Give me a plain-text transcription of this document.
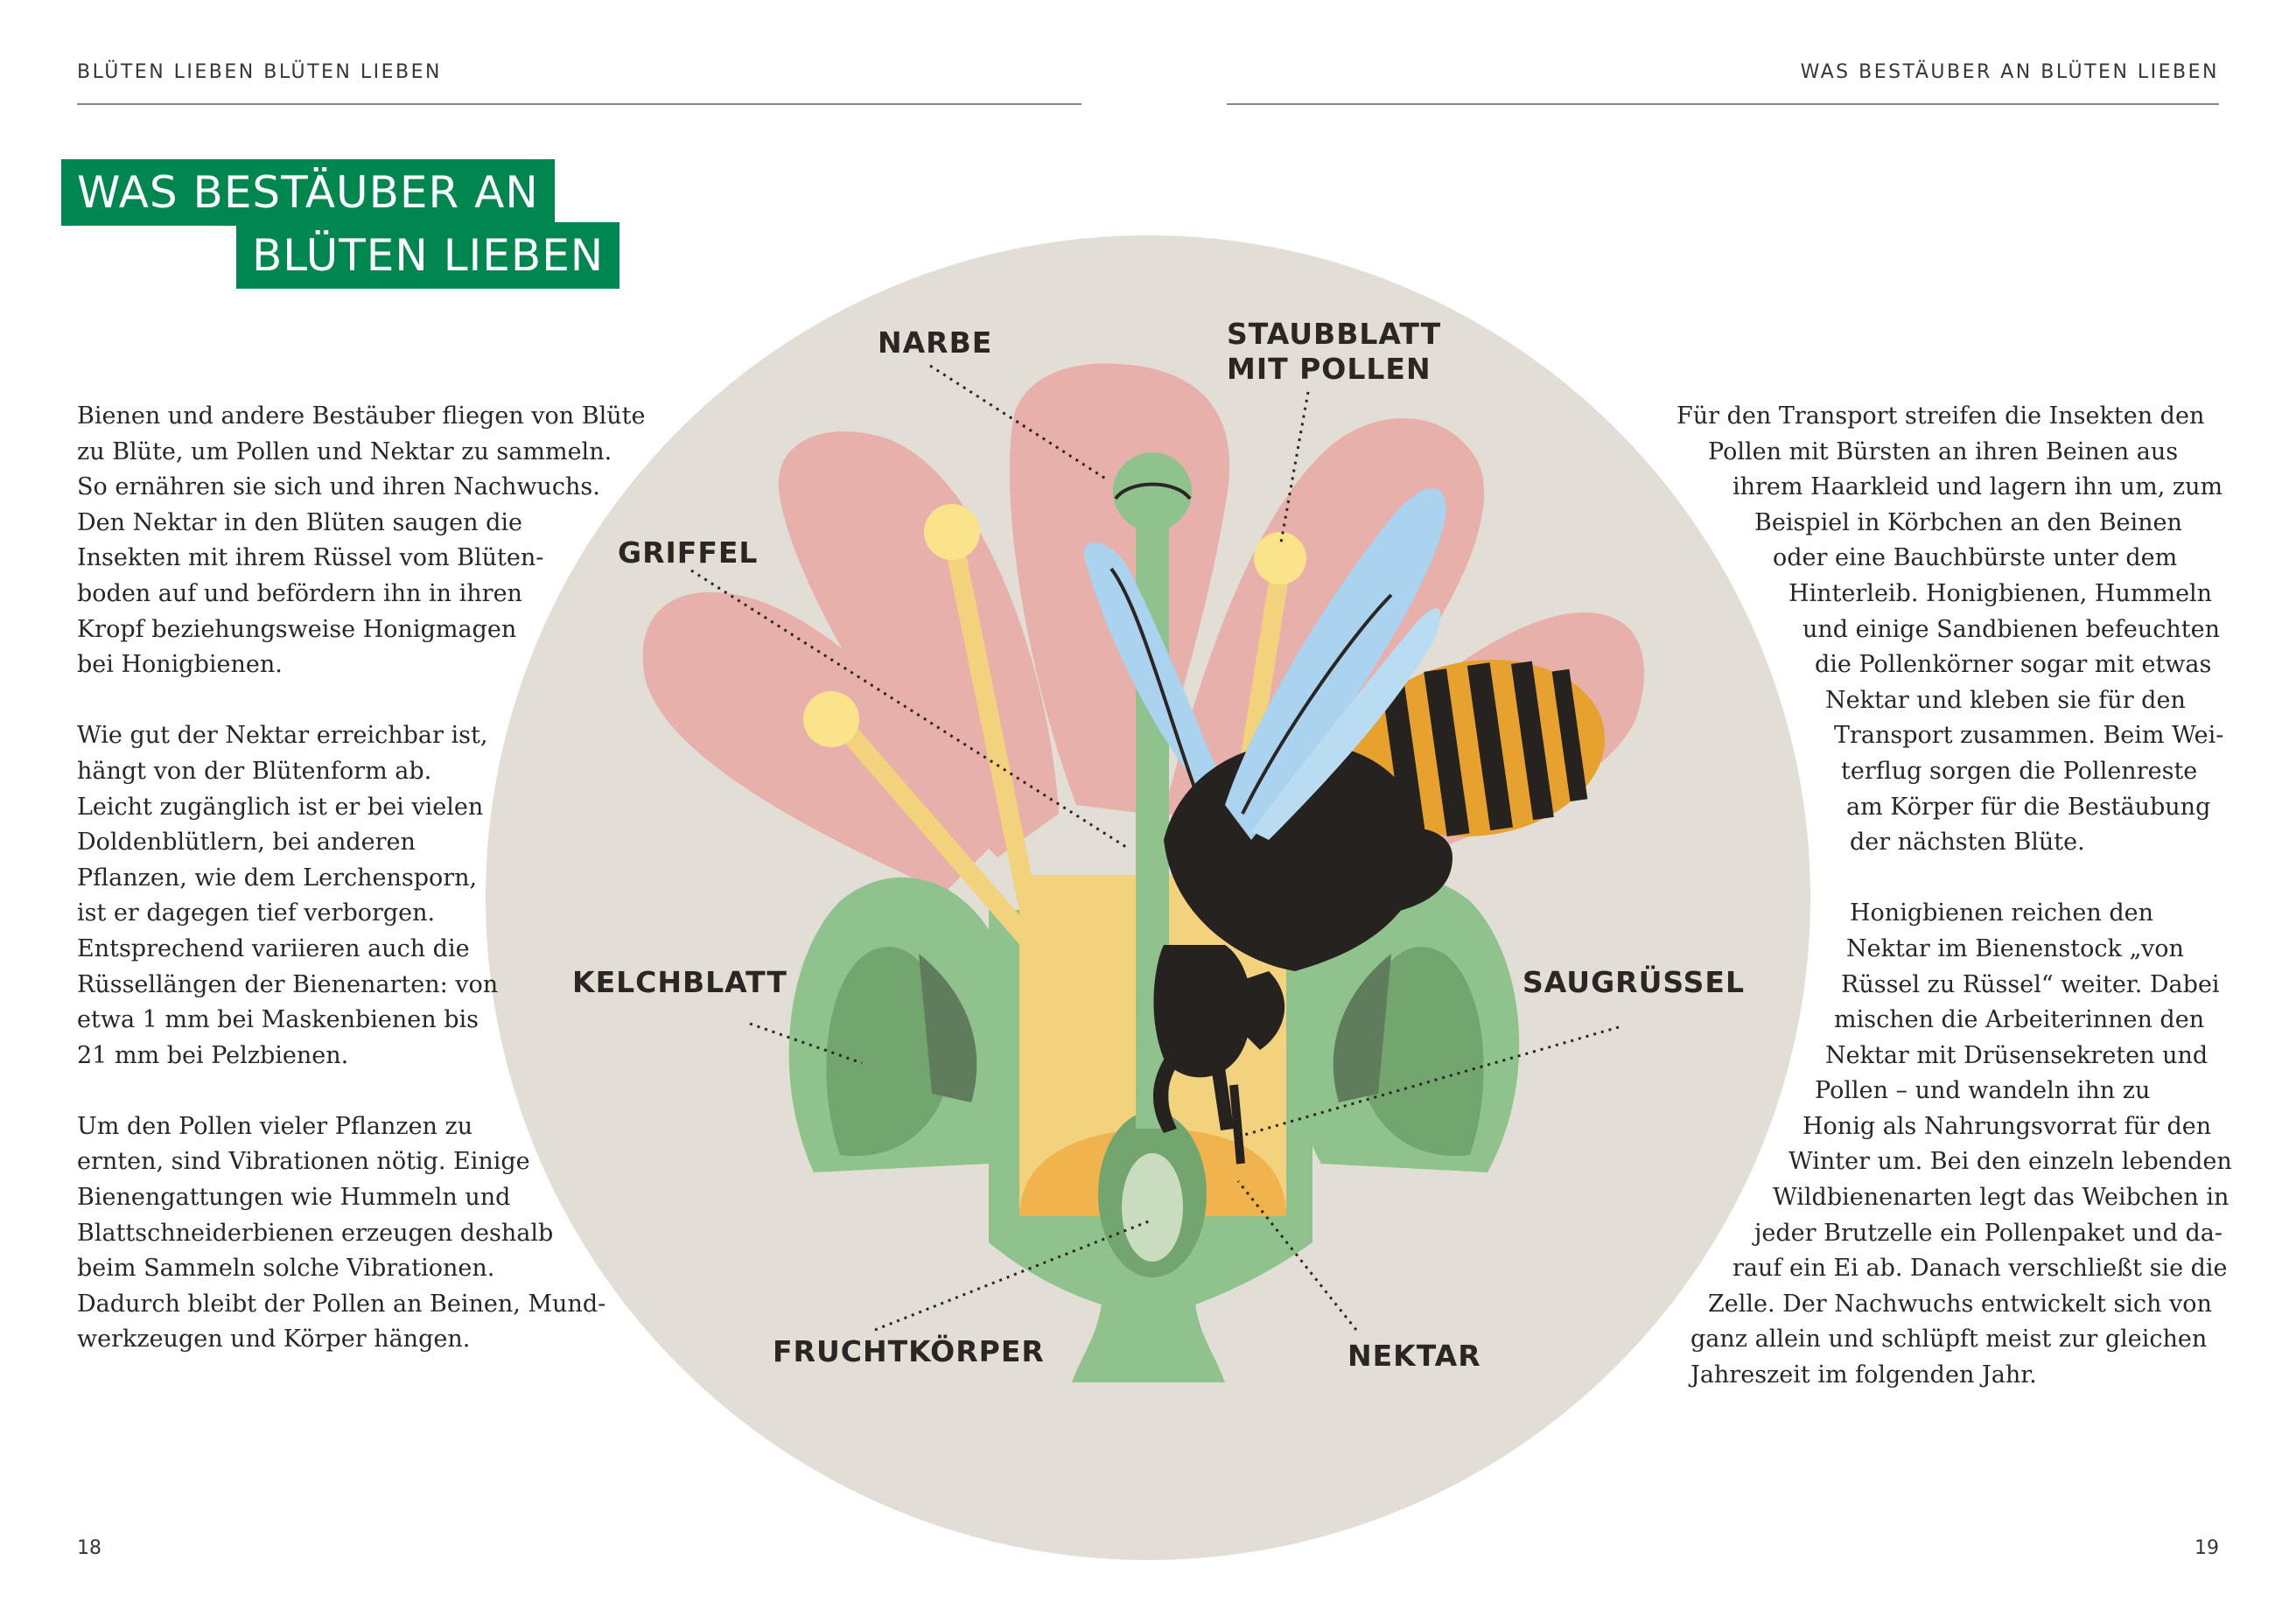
BLÜTEN LIEBEN BLÜTEN LIEBEN	WAS BESTÄUBER AN BLÜTEN LIEBEN
WAS BESTÄUBER AN
BLÜTEN LIEBEN
Bienen und andere Bestäuber fliegen von Blüte
zu Blüte, um Pollen und Nektar zu sammeln.
So ernähren sie sich und ihren Nachwuchs.
Den Nektar in den Blüten saugen die
Insekten mit ihrem Rüssel vom Blüten-
boden auf und befördern ihn in ihren
Kropf beziehungsweise Honigmagen
bei Honigbienen.
Wie gut der Nektar erreichbar ist,
hängt von der Blütenform ab.
Leicht zugänglich ist er bei vielen
Doldenblütlern, bei anderen
Pflanzen, wie dem Lerchensporn,
ist er dagegen tief verborgen.
Entsprechend variieren auch die
Rüssellängen der Bienenarten: von
etwa 1 mm bei Maskenbienen bis
21 mm bei Pelzbienen.
Um den Pollen vieler Pflanzen zu
ernten, sind Vibrationen nötig. Einige
Bienengattungen wie Hummeln und
Blattschneiderbienen erzeugen deshalb
beim Sammeln solche Vibrationen.
Dadurch bleibt der Pollen an Beinen, Mund-
werkzeugen und Körper hängen.
Für den Transport streifen die Insekten den
Pollen mit Bürsten an ihren Beinen aus
ihrem Haarkleid und lagern ihn um, zum
Beispiel in Körbchen an den Beinen
oder eine Bauchbürste unter dem
Hinterleib. Honigbienen, Hummeln
und einige Sandbienen befeuchten
die Pollenkörner sogar mit etwas
Nektar und kleben sie für den
Transport zusammen. Beim Wei-
terflug sorgen die Pollenreste
am Körper für die Bestäubung
der nächsten Blüte.
Honigbienen reichen den
Nektar im Bienenstock „von
Rüssel zu Rüssel“ weiter. Dabei
mischen die Arbeiterinnen den
Nektar mit Drüsensekreten und
Pollen – und wandeln ihn zu
Honig als Nahrungsvorrat für den
Winter um. Bei den einzeln lebenden
Wildbienenarten legt das Weibchen in
jeder Brutzelle ein Pollenpaket und da-
rauf ein Ei ab. Danach verschließt sie die
Zelle. Der Nachwuchs entwickelt sich von
ganz allein und schlüpft meist zur gleichen
Jahreszeit im folgenden Jahr.
NARBE	STAUBBLATT
MIT POLLEN
GRIFFEL
KELCHBLATT	SAUGRÜSSEL
FRUCHTKÖRPER	NEKTAR
18	19
